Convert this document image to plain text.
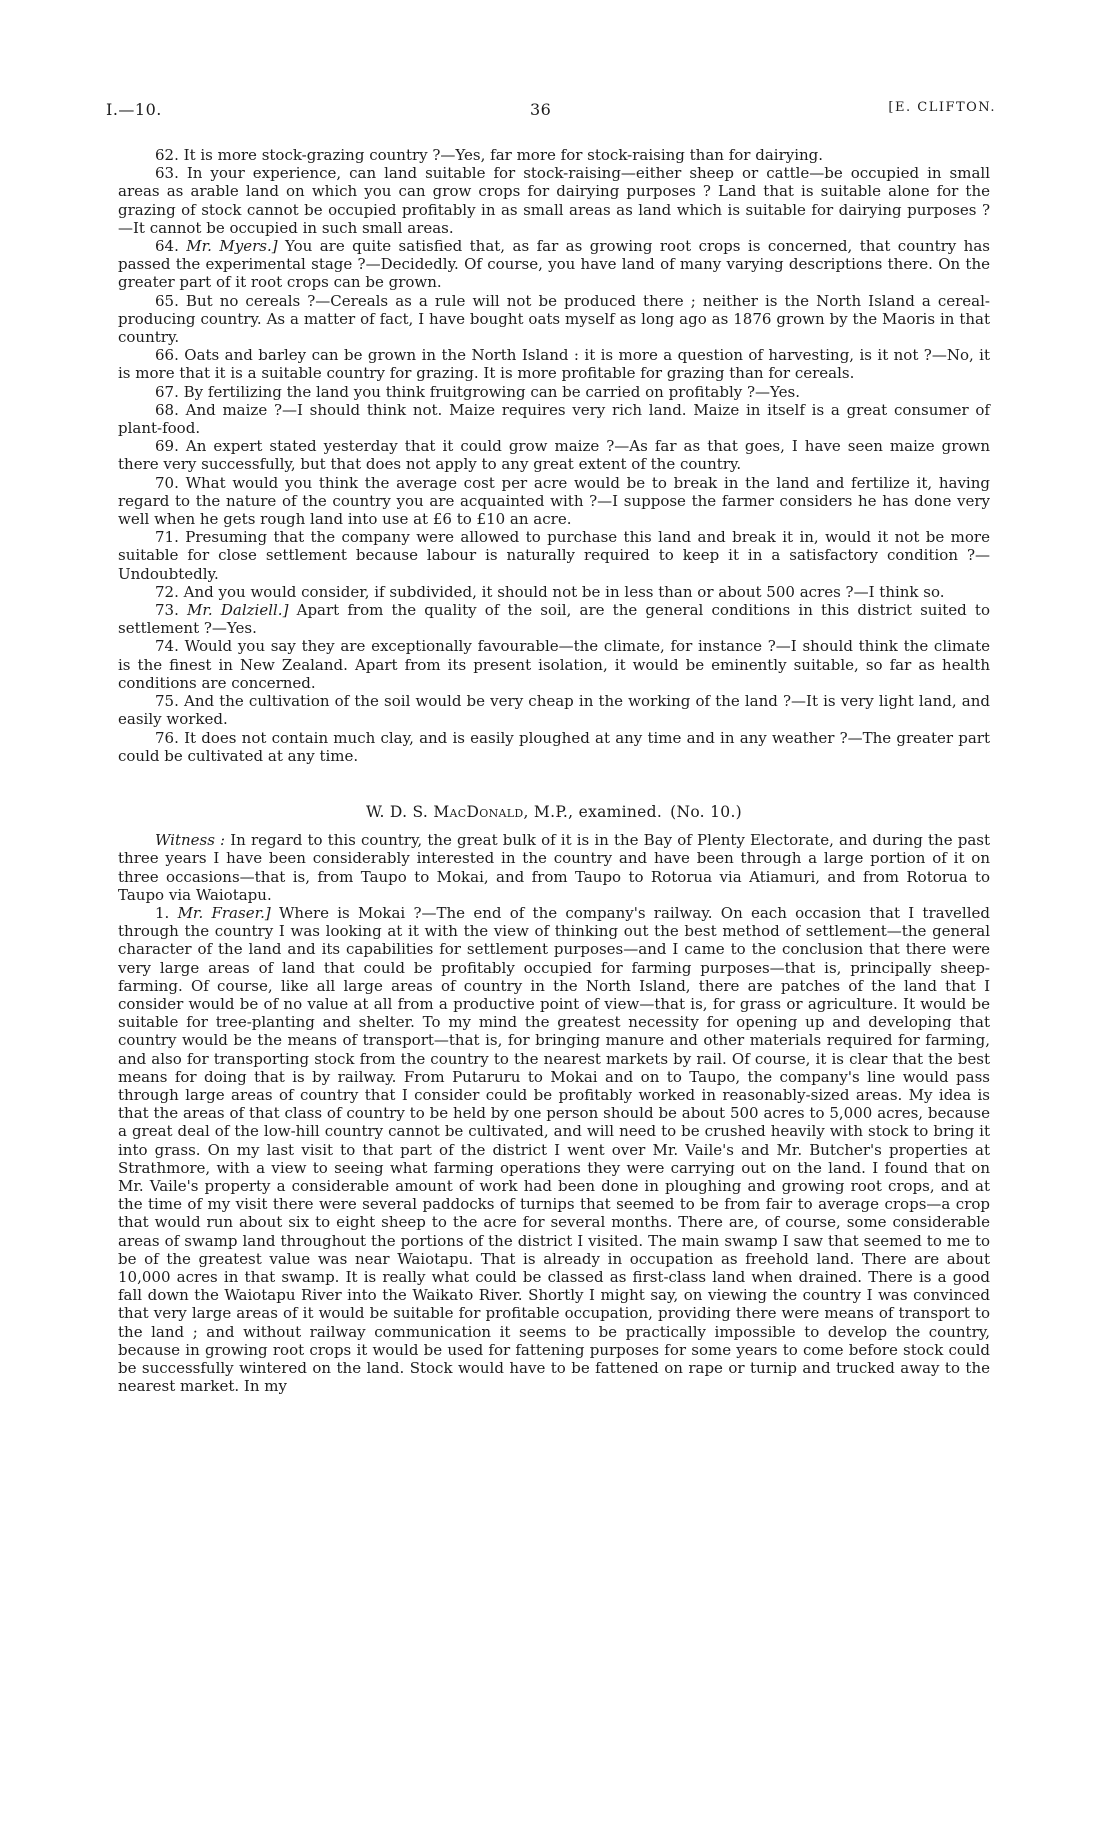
I.—10.	36	[E. CLIFTON.

62. It is more stock-grazing country ?—Yes, far more for stock-raising than for dairying.

63. In your experience, can land suitable for stock-raising—either sheep or cattle—be occupied in small areas as arable land on which you can grow crops for dairying purposes ? Land that is suitable alone for the grazing of stock cannot be occupied profitably in as small areas as land which is suitable for dairying purposes ?—It cannot be occupied in such small areas.

64. Mr. Myers.] You are quite satisfied that, as far as growing root crops is concerned, that country has passed the experimental stage ?—Decidedly. Of course, you have land of many varying descriptions there. On the greater part of it root crops can be grown.

65. But no cereals ?—Cereals as a rule will not be produced there ; neither is the North Island a cereal-producing country. As a matter of fact, I have bought oats myself as long ago as 1876 grown by the Maoris in that country.

66. Oats and barley can be grown in the North Island : it is more a question of harvesting, is it not ?—No, it is more that it is a suitable country for grazing. It is more profitable for grazing than for cereals.

67. By fertilizing the land you think fruitgrowing can be carried on profitably ?—Yes.

68. And maize ?—I should think not. Maize requires very rich land. Maize in itself is a great consumer of plant-food.

69. An expert stated yesterday that it could grow maize ?—As far as that goes, I have seen maize grown there very successfully, but that does not apply to any great extent of the country.

70. What would you think the average cost per acre would be to break in the land and fertilize it, having regard to the nature of the country you are acquainted with ?—I suppose the farmer considers he has done very well when he gets rough land into use at £6 to £10 an acre.

71. Presuming that the company were allowed to purchase this land and break it in, would it not be more suitable for close settlement because labour is naturally required to keep it in a satisfactory condition ?—Undoubtedly.

72. And you would consider, if subdivided, it should not be in less than or about 500 acres ?—I think so.

73. Mr. Dalziell.] Apart from the quality of the soil, are the general conditions in this district suited to settlement ?—Yes.

74. Would you say they are exceptionally favourable—the climate, for instance ?—I should think the climate is the finest in New Zealand. Apart from its present isolation, it would be eminently suitable, so far as health conditions are concerned.

75. And the cultivation of the soil would be very cheap in the working of the land ?—It is very light land, and easily worked.

76. It does not contain much clay, and is easily ploughed at any time and in any weather ?—The greater part could be cultivated at any time.

W. D. S. MacDonald, M.P., examined. (No. 10.)

Witness : In regard to this country, the great bulk of it is in the Bay of Plenty Electorate, and during the past three years I have been considerably interested in the country and have been through a large portion of it on three occasions—that is, from Taupo to Mokai, and from Taupo to Rotorua via Atiamuri, and from Rotorua to Taupo via Waiotapu.

1. Mr. Fraser.] Where is Mokai ?—The end of the company's railway. On each occasion that I travelled through the country I was looking at it with the view of thinking out the best method of settlement—the general character of the land and its capabilities for settlement purposes—and I came to the conclusion that there were very large areas of land that could be profitably occupied for farming purposes—that is, principally sheep-farming. Of course, like all large areas of country in the North Island, there are patches of the land that I consider would be of no value at all from a productive point of view—that is, for grass or agriculture. It would be suitable for tree-planting and shelter. To my mind the greatest necessity for opening up and developing that country would be the means of transport—that is, for bringing manure and other materials required for farming, and also for transporting stock from the country to the nearest markets by rail. Of course, it is clear that the best means for doing that is by railway. From Putaruru to Mokai and on to Taupo, the company's line would pass through large areas of country that I consider could be profitably worked in reasonably-sized areas. My idea is that the areas of that class of country to be held by one person should be about 500 acres to 5,000 acres, because a great deal of the low-hill country cannot be cultivated, and will need to be crushed heavily with stock to bring it into grass. On my last visit to that part of the district I went over Mr. Vaile's and Mr. Butcher's properties at Strathmore, with a view to seeing what farming operations they were carrying out on the land. I found that on Mr. Vaile's property a considerable amount of work had been done in ploughing and growing root crops, and at the time of my visit there were several paddocks of turnips that seemed to be from fair to average crops—a crop that would run about six to eight sheep to the acre for several months. There are, of course, some considerable areas of swamp land throughout the portions of the district I visited. The main swamp I saw that seemed to me to be of the greatest value was near Waiotapu. That is already in occupation as freehold land. There are about 10,000 acres in that swamp. It is really what could be classed as first-class land when drained. There is a good fall down the Waiotapu River into the Waikato River. Shortly I might say, on viewing the country I was convinced that very large areas of it would be suitable for profitable occupation, providing there were means of transport to the land ; and without railway communication it seems to be practically impossible to develop the country, because in growing root crops it would be used for fattening purposes for some years to come before stock could be successfully wintered on the land. Stock would have to be fattened on rape or turnip and trucked away to the nearest market. In my
